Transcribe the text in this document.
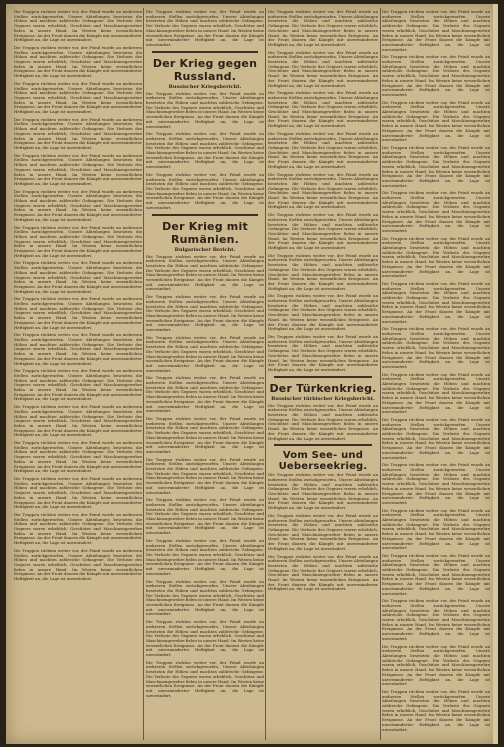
Die Truppen rückten weiter vor, der Feind wurde an mehreren Stellen zurückgeworfen. Unsere Abteilungen besetzten die Höhen und machten zahlreiche Gefangene. Die Verluste des Gegners waren erheblich, Geschütze und Maschinengewehre fielen in unsere Hand. Im Westen keine wesentlichen Ereignisse. An der Front dauern die Kämpfe mit unverminderter Heftigkeit an, die Lage ist unverändert.

Die Truppen rückten weiter vor, der Feind wurde an mehreren Stellen zurückgeworfen. Unsere Abteilungen besetzten die Höhen und machten zahlreiche Gefangene. Die Verluste des Gegners waren erheblich, Geschütze und Maschinengewehre fielen in unsere Hand. Im Westen keine wesentlichen Ereignisse. An der Front dauern die Kämpfe mit unverminderter Heftigkeit an, die Lage ist unverändert.

Die Truppen rückten weiter vor, der Feind wurde an mehreren Stellen zurückgeworfen. Unsere Abteilungen besetzten die Höhen und machten zahlreiche Gefangene. Die Verluste des Gegners waren erheblich, Geschütze und Maschinengewehre fielen in unsere Hand. Im Westen keine wesentlichen Ereignisse. An der Front dauern die Kämpfe mit unverminderter Heftigkeit an, die Lage ist unverändert.

Die Truppen rückten weiter vor, der Feind wurde an mehreren Stellen zurückgeworfen. Unsere Abteilungen besetzten die Höhen und machten zahlreiche Gefangene. Die Verluste des Gegners waren erheblich, Geschütze und Maschinengewehre fielen in unsere Hand. Im Westen keine wesentlichen Ereignisse. An der Front dauern die Kämpfe mit unverminderter Heftigkeit an, die Lage ist unverändert.

Die Truppen rückten weiter vor, der Feind wurde an mehreren Stellen zurückgeworfen. Unsere Abteilungen besetzten die Höhen und machten zahlreiche Gefangene. Die Verluste des Gegners waren erheblich, Geschütze und Maschinengewehre fielen in unsere Hand. Im Westen keine wesentlichen Ereignisse. An der Front dauern die Kämpfe mit unverminderter Heftigkeit an, die Lage ist unverändert.

Die Truppen rückten weiter vor, der Feind wurde an mehreren Stellen zurückgeworfen. Unsere Abteilungen besetzten die Höhen und machten zahlreiche Gefangene. Die Verluste des Gegners waren erheblich, Geschütze und Maschinengewehre fielen in unsere Hand. Im Westen keine wesentlichen Ereignisse. An der Front dauern die Kämpfe mit unverminderter Heftigkeit an, die Lage ist unverändert.

Die Truppen rückten weiter vor, der Feind wurde an mehreren Stellen zurückgeworfen. Unsere Abteilungen besetzten die Höhen und machten zahlreiche Gefangene. Die Verluste des Gegners waren erheblich, Geschütze und Maschinengewehre fielen in unsere Hand. Im Westen keine wesentlichen Ereignisse. An der Front dauern die Kämpfe mit unverminderter Heftigkeit an, die Lage ist unverändert.

Die Truppen rückten weiter vor, der Feind wurde an mehreren Stellen zurückgeworfen. Unsere Abteilungen besetzten die Höhen und machten zahlreiche Gefangene. Die Verluste des Gegners waren erheblich, Geschütze und Maschinengewehre fielen in unsere Hand. Im Westen keine wesentlichen Ereignisse. An der Front dauern die Kämpfe mit unverminderter Heftigkeit an, die Lage ist unverändert.

Die Truppen rückten weiter vor, der Feind wurde an mehreren Stellen zurückgeworfen. Unsere Abteilungen besetzten die Höhen und machten zahlreiche Gefangene. Die Verluste des Gegners waren erheblich, Geschütze und Maschinengewehre fielen in unsere Hand. Im Westen keine wesentlichen Ereignisse. An der Front dauern die Kämpfe mit unverminderter Heftigkeit an, die Lage ist unverändert.

Die Truppen rückten weiter vor, der Feind wurde an mehreren Stellen zurückgeworfen. Unsere Abteilungen besetzten die Höhen und machten zahlreiche Gefangene. Die Verluste des Gegners waren erheblich, Geschütze und Maschinengewehre fielen in unsere Hand. Im Westen keine wesentlichen Ereignisse. An der Front dauern die Kämpfe mit unverminderter Heftigkeit an, die Lage ist unverändert.

Die Truppen rückten weiter vor, der Feind wurde an mehreren Stellen zurückgeworfen. Unsere Abteilungen besetzten die Höhen und machten zahlreiche Gefangene. Die Verluste des Gegners waren erheblich, Geschütze und Maschinengewehre fielen in unsere Hand. Im Westen keine wesentlichen Ereignisse. An der Front dauern die Kämpfe mit unverminderter Heftigkeit an, die Lage ist unverändert.

Die Truppen rückten weiter vor, der Feind wurde an mehreren Stellen zurückgeworfen. Unsere Abteilungen besetzten die Höhen und machten zahlreiche Gefangene. Die Verluste des Gegners waren erheblich, Geschütze und Maschinengewehre fielen in unsere Hand. Im Westen keine wesentlichen Ereignisse. An der Front dauern die Kämpfe mit unverminderter Heftigkeit an, die Lage ist unverändert.

Die Truppen rückten weiter vor, der Feind wurde an mehreren Stellen zurückgeworfen. Unsere Abteilungen besetzten die Höhen und machten zahlreiche Gefangene. Die Verluste des Gegners waren erheblich, Geschütze und Maschinengewehre fielen in unsere Hand. Im Westen keine wesentlichen Ereignisse. An der Front dauern die Kämpfe mit unverminderter Heftigkeit an, die Lage ist unverändert.

Die Truppen rückten weiter vor, der Feind wurde an mehreren Stellen zurückgeworfen. Unsere Abteilungen besetzten die Höhen und machten zahlreiche Gefangene. Die Verluste des Gegners waren erheblich, Geschütze und Maschinengewehre fielen in unsere Hand. Im Westen keine wesentlichen Ereignisse. An der Front dauern die Kämpfe mit unverminderter Heftigkeit an, die Lage ist unverändert.

Die Truppen rückten weiter vor, der Feind wurde an mehreren Stellen zurückgeworfen. Unsere Abteilungen besetzten die Höhen und machten zahlreiche Gefangene. Die Verluste des Gegners waren erheblich, Geschütze und Maschinengewehre fielen in unsere Hand. Im Westen keine wesentlichen Ereignisse. An der Front dauern die Kämpfe mit unverminderter Heftigkeit an, die Lage ist unverändert.

Die Truppen rückten weiter vor, der Feind wurde an mehreren Stellen zurückgeworfen. Unsere Abteilungen besetzten die Höhen und machten zahlreiche Gefangene. Die Verluste des Gegners waren erheblich, Geschütze und Maschinengewehre fielen in unsere Hand. Im Westen keine wesentlichen Ereignisse. An der Front dauern die Kämpfe mit unverminderter Heftigkeit an, die Lage ist unverändert.

Die Truppen rückten weiter vor, der Feind wurde an mehreren Stellen zurückgeworfen. Unsere Abteilungen besetzten die Höhen und machten zahlreiche Gefangene. Die Verluste des Gegners waren erheblich, Geschütze und Maschinengewehre fielen in unsere Hand. Im Westen keine wesentlichen Ereignisse. An der Front dauern die Kämpfe mit unverminderter Heftigkeit an, die Lage ist unverändert.

Der Krieg gegen Russland.
Russischer Kriegsbericht.

Die Truppen rückten weiter vor, der Feind wurde an mehreren Stellen zurückgeworfen. Unsere Abteilungen besetzten die Höhen und machten zahlreiche Gefangene. Die Verluste des Gegners waren erheblich, Geschütze und Maschinengewehre fielen in unsere Hand. Im Westen keine wesentlichen Ereignisse. An der Front dauern die Kämpfe mit unverminderter Heftigkeit an, die Lage ist unverändert.

Die Truppen rückten weiter vor, der Feind wurde an mehreren Stellen zurückgeworfen. Unsere Abteilungen besetzten die Höhen und machten zahlreiche Gefangene. Die Verluste des Gegners waren erheblich, Geschütze und Maschinengewehre fielen in unsere Hand. Im Westen keine wesentlichen Ereignisse. An der Front dauern die Kämpfe mit unverminderter Heftigkeit an, die Lage ist unverändert.

Die Truppen rückten weiter vor, der Feind wurde an mehreren Stellen zurückgeworfen. Unsere Abteilungen besetzten die Höhen und machten zahlreiche Gefangene. Die Verluste des Gegners waren erheblich, Geschütze und Maschinengewehre fielen in unsere Hand. Im Westen keine wesentlichen Ereignisse. An der Front dauern die Kämpfe mit unverminderter Heftigkeit an, die Lage ist unverändert.

Der Krieg mit Rumänien.
Bulgarischer Bericht.

Die Truppen rückten weiter vor, der Feind wurde an mehreren Stellen zurückgeworfen. Unsere Abteilungen besetzten die Höhen und machten zahlreiche Gefangene. Die Verluste des Gegners waren erheblich, Geschütze und Maschinengewehre fielen in unsere Hand. Im Westen keine wesentlichen Ereignisse. An der Front dauern die Kämpfe mit unverminderter Heftigkeit an, die Lage ist unverändert.

Die Truppen rückten weiter vor, der Feind wurde an mehreren Stellen zurückgeworfen. Unsere Abteilungen besetzten die Höhen und machten zahlreiche Gefangene. Die Verluste des Gegners waren erheblich, Geschütze und Maschinengewehre fielen in unsere Hand. Im Westen keine wesentlichen Ereignisse. An der Front dauern die Kämpfe mit unverminderter Heftigkeit an, die Lage ist unverändert.

Die Truppen rückten weiter vor, der Feind wurde an mehreren Stellen zurückgeworfen. Unsere Abteilungen besetzten die Höhen und machten zahlreiche Gefangene. Die Verluste des Gegners waren erheblich, Geschütze und Maschinengewehre fielen in unsere Hand. Im Westen keine wesentlichen Ereignisse. An der Front dauern die Kämpfe mit unverminderter Heftigkeit an, die Lage ist unverändert.

Die Truppen rückten weiter vor, der Feind wurde an mehreren Stellen zurückgeworfen. Unsere Abteilungen besetzten die Höhen und machten zahlreiche Gefangene. Die Verluste des Gegners waren erheblich, Geschütze und Maschinengewehre fielen in unsere Hand. Im Westen keine wesentlichen Ereignisse. An der Front dauern die Kämpfe mit unverminderter Heftigkeit an, die Lage ist unverändert.

Die Truppen rückten weiter vor, der Feind wurde an mehreren Stellen zurückgeworfen. Unsere Abteilungen besetzten die Höhen und machten zahlreiche Gefangene. Die Verluste des Gegners waren erheblich, Geschütze und Maschinengewehre fielen in unsere Hand. Im Westen keine wesentlichen Ereignisse. An der Front dauern die Kämpfe mit unverminderter Heftigkeit an, die Lage ist unverändert.

Die Truppen rückten weiter vor, der Feind wurde an mehreren Stellen zurückgeworfen. Unsere Abteilungen besetzten die Höhen und machten zahlreiche Gefangene. Die Verluste des Gegners waren erheblich, Geschütze und Maschinengewehre fielen in unsere Hand. Im Westen keine wesentlichen Ereignisse. An der Front dauern die Kämpfe mit unverminderter Heftigkeit an, die Lage ist unverändert.

Die Truppen rückten weiter vor, der Feind wurde an mehreren Stellen zurückgeworfen. Unsere Abteilungen besetzten die Höhen und machten zahlreiche Gefangene. Die Verluste des Gegners waren erheblich, Geschütze und Maschinengewehre fielen in unsere Hand. Im Westen keine wesentlichen Ereignisse. An der Front dauern die Kämpfe mit unverminderter Heftigkeit an, die Lage ist unverändert.

Die Truppen rückten weiter vor, der Feind wurde an mehreren Stellen zurückgeworfen. Unsere Abteilungen besetzten die Höhen und machten zahlreiche Gefangene. Die Verluste des Gegners waren erheblich, Geschütze und Maschinengewehre fielen in unsere Hand. Im Westen keine wesentlichen Ereignisse. An der Front dauern die Kämpfe mit unverminderter Heftigkeit an, die Lage ist unverändert.

Die Truppen rückten weiter vor, der Feind wurde an mehreren Stellen zurückgeworfen. Unsere Abteilungen besetzten die Höhen und machten zahlreiche Gefangene. Die Verluste des Gegners waren erheblich, Geschütze und Maschinengewehre fielen in unsere Hand. Im Westen keine wesentlichen Ereignisse. An der Front dauern die Kämpfe mit unverminderter Heftigkeit an, die Lage ist unverändert.

Die Truppen rückten weiter vor, der Feind wurde an mehreren Stellen zurückgeworfen. Unsere Abteilungen besetzten die Höhen und machten zahlreiche Gefangene. Die Verluste des Gegners waren erheblich, Geschütze und Maschinengewehre fielen in unsere Hand. Im Westen keine wesentlichen Ereignisse. An der Front dauern die Kämpfe mit unverminderter Heftigkeit an, die Lage ist unverändert.

Die Truppen rückten weiter vor, der Feind wurde an mehreren Stellen zurückgeworfen. Unsere Abteilungen besetzten die Höhen und machten zahlreiche Gefangene. Die Verluste des Gegners waren erheblich, Geschütze und Maschinengewehre fielen in unsere Hand. Im Westen keine wesentlichen Ereignisse. An der Front dauern die Kämpfe mit unverminderter Heftigkeit an, die Lage ist unverändert.

Die Truppen rückten weiter vor, der Feind wurde an mehreren Stellen zurückgeworfen. Unsere Abteilungen besetzten die Höhen und machten zahlreiche Gefangene. Die Verluste des Gegners waren erheblich, Geschütze und Maschinengewehre fielen in unsere Hand. Im Westen keine wesentlichen Ereignisse. An der Front dauern die Kämpfe mit unverminderter Heftigkeit an, die Lage ist unverändert.

Die Truppen rückten weiter vor, der Feind wurde an mehreren Stellen zurückgeworfen. Unsere Abteilungen besetzten die Höhen und machten zahlreiche Gefangene. Die Verluste des Gegners waren erheblich, Geschütze und Maschinengewehre fielen in unsere Hand. Im Westen keine wesentlichen Ereignisse. An der Front dauern die Kämpfe mit unverminderter Heftigkeit an, die Lage ist unverändert.

Die Truppen rückten weiter vor, der Feind wurde an mehreren Stellen zurückgeworfen. Unsere Abteilungen besetzten die Höhen und machten zahlreiche Gefangene. Die Verluste des Gegners waren erheblich, Geschütze und Maschinengewehre fielen in unsere Hand. Im Westen keine wesentlichen Ereignisse. An der Front dauern die Kämpfe mit unverminderter Heftigkeit an, die Lage ist unverändert.

Die Truppen rückten weiter vor, der Feind wurde an mehreren Stellen zurückgeworfen. Unsere Abteilungen besetzten die Höhen und machten zahlreiche Gefangene. Die Verluste des Gegners waren erheblich, Geschütze und Maschinengewehre fielen in unsere Hand. Im Westen keine wesentlichen Ereignisse. An der Front dauern die Kämpfe mit unverminderter Heftigkeit an, die Lage ist unverändert.

Die Truppen rückten weiter vor, der Feind wurde an mehreren Stellen zurückgeworfen. Unsere Abteilungen besetzten die Höhen und machten zahlreiche Gefangene. Die Verluste des Gegners waren erheblich, Geschütze und Maschinengewehre fielen in unsere Hand. Im Westen keine wesentlichen Ereignisse. An der Front dauern die Kämpfe mit unverminderter Heftigkeit an, die Lage ist unverändert.

Die Truppen rückten weiter vor, der Feind wurde an mehreren Stellen zurückgeworfen. Unsere Abteilungen besetzten die Höhen und machten zahlreiche Gefangene. Die Verluste des Gegners waren erheblich, Geschütze und Maschinengewehre fielen in unsere Hand. Im Westen keine wesentlichen Ereignisse. An der Front dauern die Kämpfe mit unverminderter Heftigkeit an, die Lage ist unverändert.

Die Truppen rückten weiter vor, der Feind wurde an mehreren Stellen zurückgeworfen. Unsere Abteilungen besetzten die Höhen und machten zahlreiche Gefangene. Die Verluste des Gegners waren erheblich, Geschütze und Maschinengewehre fielen in unsere Hand. Im Westen keine wesentlichen Ereignisse. An der Front dauern die Kämpfe mit unverminderter Heftigkeit an, die Lage ist unverändert.

Die Truppen rückten weiter vor, der Feind wurde an mehreren Stellen zurückgeworfen. Unsere Abteilungen besetzten die Höhen und machten zahlreiche Gefangene. Die Verluste des Gegners waren erheblich, Geschütze und Maschinengewehre fielen in unsere Hand. Im Westen keine wesentlichen Ereignisse. An der Front dauern die Kämpfe mit unverminderter Heftigkeit an, die Lage ist unverändert.

Die Truppen rückten weiter vor, der Feind wurde an mehreren Stellen zurückgeworfen. Unsere Abteilungen besetzten die Höhen und machten zahlreiche Gefangene. Die Verluste des Gegners waren erheblich, Geschütze und Maschinengewehre fielen in unsere Hand. Im Westen keine wesentlichen Ereignisse. An der Front dauern die Kämpfe mit unverminderter Heftigkeit an, die Lage ist unverändert.

Der Türkenkrieg.
Russischer türkischer Kriegsbericht.

Die Truppen rückten weiter vor, der Feind wurde an mehreren Stellen zurückgeworfen. Unsere Abteilungen besetzten die Höhen und machten zahlreiche Gefangene. Die Verluste des Gegners waren erheblich, Geschütze und Maschinengewehre fielen in unsere Hand. Im Westen keine wesentlichen Ereignisse. An der Front dauern die Kämpfe mit unverminderter Heftigkeit an, die Lage ist unverändert.

Vom See- und Ueberseekrieg.

Die Truppen rückten weiter vor, der Feind wurde an mehreren Stellen zurückgeworfen. Unsere Abteilungen besetzten die Höhen und machten zahlreiche Gefangene. Die Verluste des Gegners waren erheblich, Geschütze und Maschinengewehre fielen in unsere Hand. Im Westen keine wesentlichen Ereignisse. An der Front dauern die Kämpfe mit unverminderter Heftigkeit an, die Lage ist unverändert.

Die Truppen rückten weiter vor, der Feind wurde an mehreren Stellen zurückgeworfen. Unsere Abteilungen besetzten die Höhen und machten zahlreiche Gefangene. Die Verluste des Gegners waren erheblich, Geschütze und Maschinengewehre fielen in unsere Hand. Im Westen keine wesentlichen Ereignisse. An der Front dauern die Kämpfe mit unverminderter Heftigkeit an, die Lage ist unverändert.

Die Truppen rückten weiter vor, der Feind wurde an mehreren Stellen zurückgeworfen. Unsere Abteilungen besetzten die Höhen und machten zahlreiche Gefangene. Die Verluste des Gegners waren erheblich, Geschütze und Maschinengewehre fielen in unsere Hand. Im Westen keine wesentlichen Ereignisse. An der Front dauern die Kämpfe mit unverminderter Heftigkeit an, die Lage ist unverändert.

Die Truppen rückten weiter vor, der Feind wurde an mehreren Stellen zurückgeworfen. Unsere Abteilungen besetzten die Höhen und machten zahlreiche Gefangene. Die Verluste des Gegners waren erheblich, Geschütze und Maschinengewehre fielen in unsere Hand. Im Westen keine wesentlichen Ereignisse. An der Front dauern die Kämpfe mit unverminderter Heftigkeit an, die Lage ist unverändert.

Die Truppen rückten weiter vor, der Feind wurde an mehreren Stellen zurückgeworfen. Unsere Abteilungen besetzten die Höhen und machten zahlreiche Gefangene. Die Verluste des Gegners waren erheblich, Geschütze und Maschinengewehre fielen in unsere Hand. Im Westen keine wesentlichen Ereignisse. An der Front dauern die Kämpfe mit unverminderter Heftigkeit an, die Lage ist unverändert.

Die Truppen rückten weiter vor, der Feind wurde an mehreren Stellen zurückgeworfen. Unsere Abteilungen besetzten die Höhen und machten zahlreiche Gefangene. Die Verluste des Gegners waren erheblich, Geschütze und Maschinengewehre fielen in unsere Hand. Im Westen keine wesentlichen Ereignisse. An der Front dauern die Kämpfe mit unverminderter Heftigkeit an, die Lage ist unverändert.

Die Truppen rückten weiter vor, der Feind wurde an mehreren Stellen zurückgeworfen. Unsere Abteilungen besetzten die Höhen und machten zahlreiche Gefangene. Die Verluste des Gegners waren erheblich, Geschütze und Maschinengewehre fielen in unsere Hand. Im Westen keine wesentlichen Ereignisse. An der Front dauern die Kämpfe mit unverminderter Heftigkeit an, die Lage ist unverändert.

Die Truppen rückten weiter vor, der Feind wurde an mehreren Stellen zurückgeworfen. Unsere Abteilungen besetzten die Höhen und machten zahlreiche Gefangene. Die Verluste des Gegners waren erheblich, Geschütze und Maschinengewehre fielen in unsere Hand. Im Westen keine wesentlichen Ereignisse. An der Front dauern die Kämpfe mit unverminderter Heftigkeit an, die Lage ist unverändert.

Die Truppen rückten weiter vor, der Feind wurde an mehreren Stellen zurückgeworfen. Unsere Abteilungen besetzten die Höhen und machten zahlreiche Gefangene. Die Verluste des Gegners waren erheblich, Geschütze und Maschinengewehre fielen in unsere Hand. Im Westen keine wesentlichen Ereignisse. An der Front dauern die Kämpfe mit unverminderter Heftigkeit an, die Lage ist unverändert.

Die Truppen rückten weiter vor, der Feind wurde an mehreren Stellen zurückgeworfen. Unsere Abteilungen besetzten die Höhen und machten zahlreiche Gefangene. Die Verluste des Gegners waren erheblich, Geschütze und Maschinengewehre fielen in unsere Hand. Im Westen keine wesentlichen Ereignisse. An der Front dauern die Kämpfe mit unverminderter Heftigkeit an, die Lage ist unverändert.

Die Truppen rückten weiter vor, der Feind wurde an mehreren Stellen zurückgeworfen. Unsere Abteilungen besetzten die Höhen und machten zahlreiche Gefangene. Die Verluste des Gegners waren erheblich, Geschütze und Maschinengewehre fielen in unsere Hand. Im Westen keine wesentlichen Ereignisse. An der Front dauern die Kämpfe mit unverminderter Heftigkeit an, die Lage ist unverändert.

Die Truppen rückten weiter vor, der Feind wurde an mehreren Stellen zurückgeworfen. Unsere Abteilungen besetzten die Höhen und machten zahlreiche Gefangene. Die Verluste des Gegners waren erheblich, Geschütze und Maschinengewehre fielen in unsere Hand. Im Westen keine wesentlichen Ereignisse. An der Front dauern die Kämpfe mit unverminderter Heftigkeit an, die Lage ist unverändert.

Die Truppen rückten weiter vor, der Feind wurde an mehreren Stellen zurückgeworfen. Unsere Abteilungen besetzten die Höhen und machten zahlreiche Gefangene. Die Verluste des Gegners waren erheblich, Geschütze und Maschinengewehre fielen in unsere Hand. Im Westen keine wesentlichen Ereignisse. An der Front dauern die Kämpfe mit unverminderter Heftigkeit an, die Lage ist unverändert.

Die Truppen rückten weiter vor, der Feind wurde an mehreren Stellen zurückgeworfen. Unsere Abteilungen besetzten die Höhen und machten zahlreiche Gefangene. Die Verluste des Gegners waren erheblich, Geschütze und Maschinengewehre fielen in unsere Hand. Im Westen keine wesentlichen Ereignisse. An der Front dauern die Kämpfe mit unverminderter Heftigkeit an, die Lage ist unverändert.

Die Truppen rückten weiter vor, der Feind wurde an mehreren Stellen zurückgeworfen. Unsere Abteilungen besetzten die Höhen und machten zahlreiche Gefangene. Die Verluste des Gegners waren erheblich, Geschütze und Maschinengewehre fielen in unsere Hand. Im Westen keine wesentlichen Ereignisse. An der Front dauern die Kämpfe mit unverminderter Heftigkeit an, die Lage ist unverändert.

Die Truppen rückten weiter vor, der Feind wurde an mehreren Stellen zurückgeworfen. Unsere Abteilungen besetzten die Höhen und machten zahlreiche Gefangene. Die Verluste des Gegners waren erheblich, Geschütze und Maschinengewehre fielen in unsere Hand. Im Westen keine wesentlichen Ereignisse. An der Front dauern die Kämpfe mit unverminderter Heftigkeit an, die Lage ist unverändert.

Die Truppen rückten weiter vor, der Feind wurde an mehreren Stellen zurückgeworfen. Unsere Abteilungen besetzten die Höhen und machten zahlreiche Gefangene. Die Verluste des Gegners waren erheblich, Geschütze und Maschinengewehre fielen in unsere Hand. Im Westen keine wesentlichen Ereignisse. An der Front dauern die Kämpfe mit unverminderter Heftigkeit an, die Lage ist unverändert.

Die Truppen rückten weiter vor, der Feind wurde an mehreren Stellen zurückgeworfen. Unsere Abteilungen besetzten die Höhen und machten zahlreiche Gefangene. Die Verluste des Gegners waren erheblich, Geschütze und Maschinengewehre fielen in unsere Hand. Im Westen keine wesentlichen Ereignisse. An der Front dauern die Kämpfe mit unverminderter Heftigkeit an, die Lage ist unverändert.

Die Truppen rückten weiter vor, der Feind wurde an mehreren Stellen zurückgeworfen. Unsere Abteilungen besetzten die Höhen und machten zahlreiche Gefangene. Die Verluste des Gegners waren erheblich, Geschütze und Maschinengewehre fielen in unsere Hand. Im Westen keine wesentlichen Ereignisse. An der Front dauern die Kämpfe mit unverminderter Heftigkeit an, die Lage ist unverändert.
